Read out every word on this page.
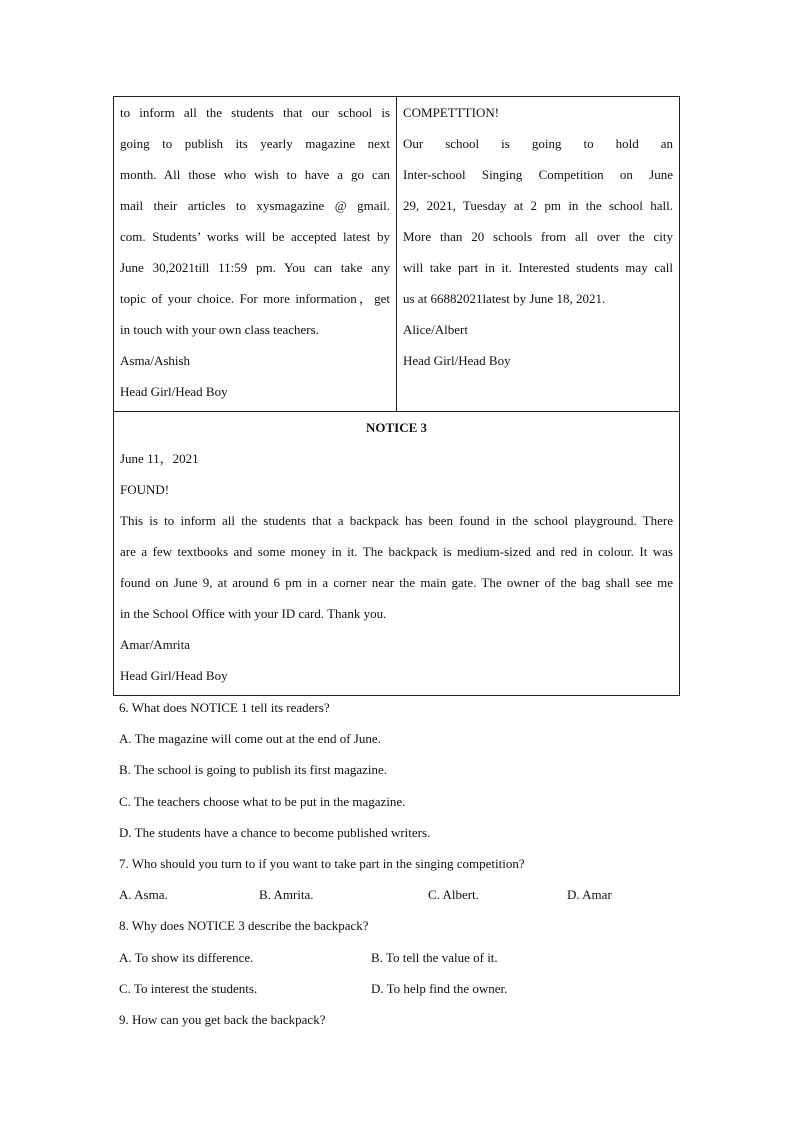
to inform all the students that our school is
going to publish its yearly magazine next
month. All those who wish to have a go can
mail their articles to xysmagazine @ gmail.
com. Students’ works will be accepted latest by
June 30,2021till 11:59 pm. You can take any
topic of your choice. For more information，get
in touch with your own class teachers.
Asma/Ashish
Head Girl/Head Boy
COMPETTTION!
Our school is going to hold an
Inter-school Singing Competition on June
29, 2021, Tuesday at 2 pm in the school hall.
More than 20 schools from all over the city
will take part in it. Interested students may call
us at 66882021latest by June 18, 2021.
Alice/Albert
Head Girl/Head Boy
NOTICE 3
June 11，2021
FOUND!
This is to inform all the students that a backpack has been found in the school playground. There
are a few textbooks and some money in it. The backpack is medium-sized and red in colour. It was
found on June 9, at around 6 pm in a corner near the main gate. The owner of the bag shall see me
in the School Office with your ID card. Thank you.
Amar/Amrita
Head Girl/Head Boy
6. What does NOTICE 1 tell its readers?
A. The magazine will come out at the end of June.
B. The school is going to publish its first magazine.
C. The teachers choose what to be put in the magazine.
D. The students have a chance to become published writers.
7. Who should you turn to if you want to take part in the singing competition?
A. Asma.	B. Amrita.	C. Albert.	D. Amar
8. Why does NOTICE 3 describe the backpack?
A. To show its difference.	B. To tell the value of it.
C. To interest the students.	D. To help find the owner.
9. How can you get back the backpack?
